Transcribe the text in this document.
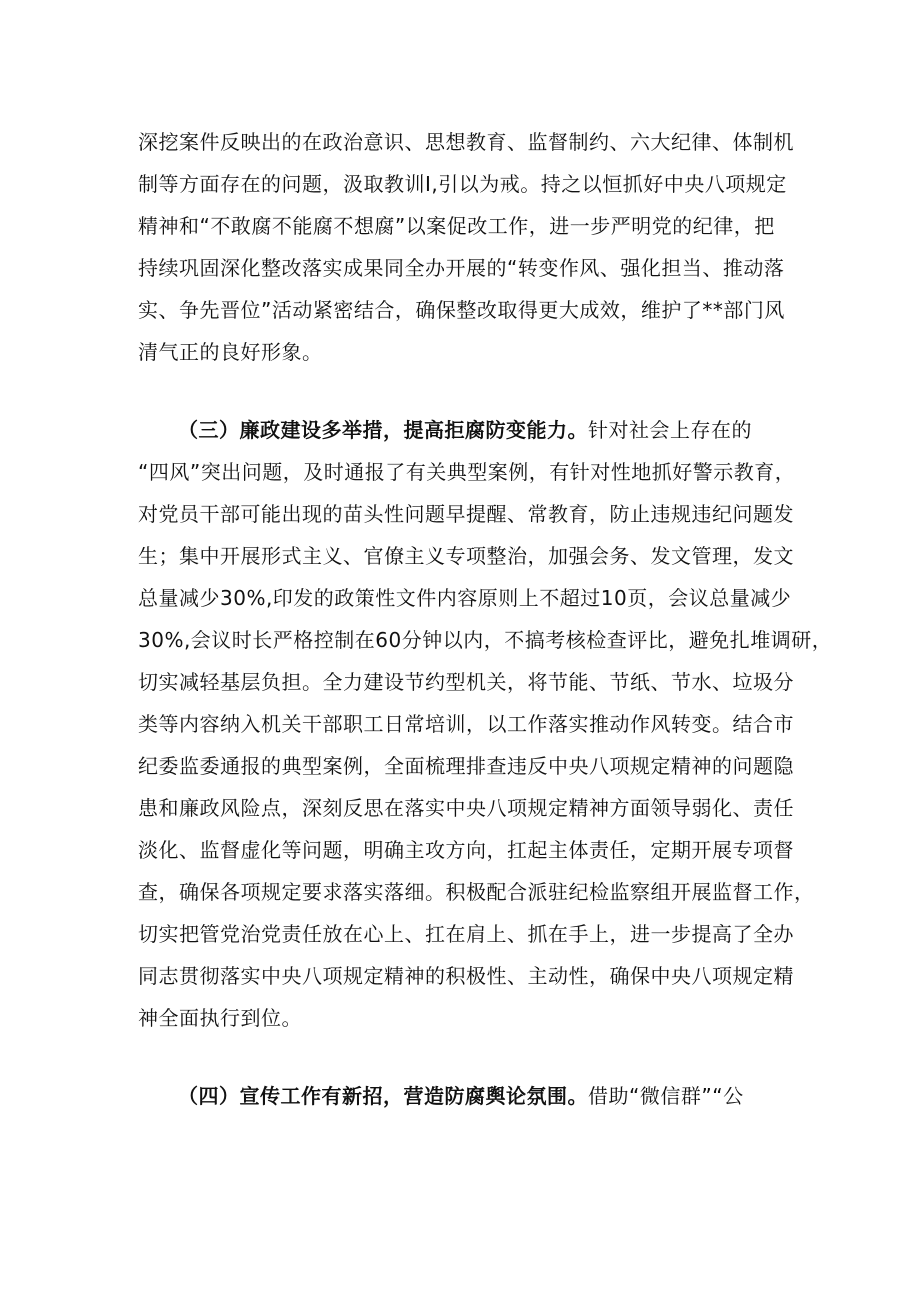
深挖案件反映出的在政治意识、思想教育、监督制约、六大纪律、体制机
制等方面存在的问题，汲取教训I,引以为戒。持之以恒抓好中央八项规定
精神和“不敢腐不能腐不想腐”以案促改工作，进一步严明党的纪律，把
持续巩固深化整改落实成果同全办开展的“转变作风、强化担当、推动落
实、争先晋位”活动紧密结合，确保整改取得更大成效，维护了**部门风
清气正的良好形象。
（三）廉政建设多举措，提高拒腐防变能力。针对社会上存在的
“四风”突出问题，及时通报了有关典型案例，有针对性地抓好警示教育，
对党员干部可能出现的苗头性问题早提醒、常教育，防止违规违纪问题发
生；集中开展形式主义、官僚主义专项整治，加强会务、发文管理，发文
总量减少30%,印发的政策性文件内容原则上不超过10页，会议总量减少
30%,会议时长严格控制在60分钟以内，不搞考核检查评比，避免扎堆调研，
切实减轻基层负担。全力建设节约型机关，将节能、节纸、节水、垃圾分
类等内容纳入机关干部职工日常培训，以工作落实推动作风转变。结合市
纪委监委通报的典型案例，全面梳理排查违反中央八项规定精神的问题隐
患和廉政风险点，深刻反思在落实中央八项规定精神方面领导弱化、责任
淡化、监督虚化等问题，明确主攻方向，扛起主体责任，定期开展专项督
查，确保各项规定要求落实落细。积极配合派驻纪检监察组开展监督工作，
切实把管党治党责任放在心上、扛在肩上、抓在手上，进一步提高了全办
同志贯彻落实中央八项规定精神的积极性、主动性，确保中央八项规定精
神全面执行到位。
（四）宣传工作有新招，营造防腐舆论氛围。借助“微信群”“公
